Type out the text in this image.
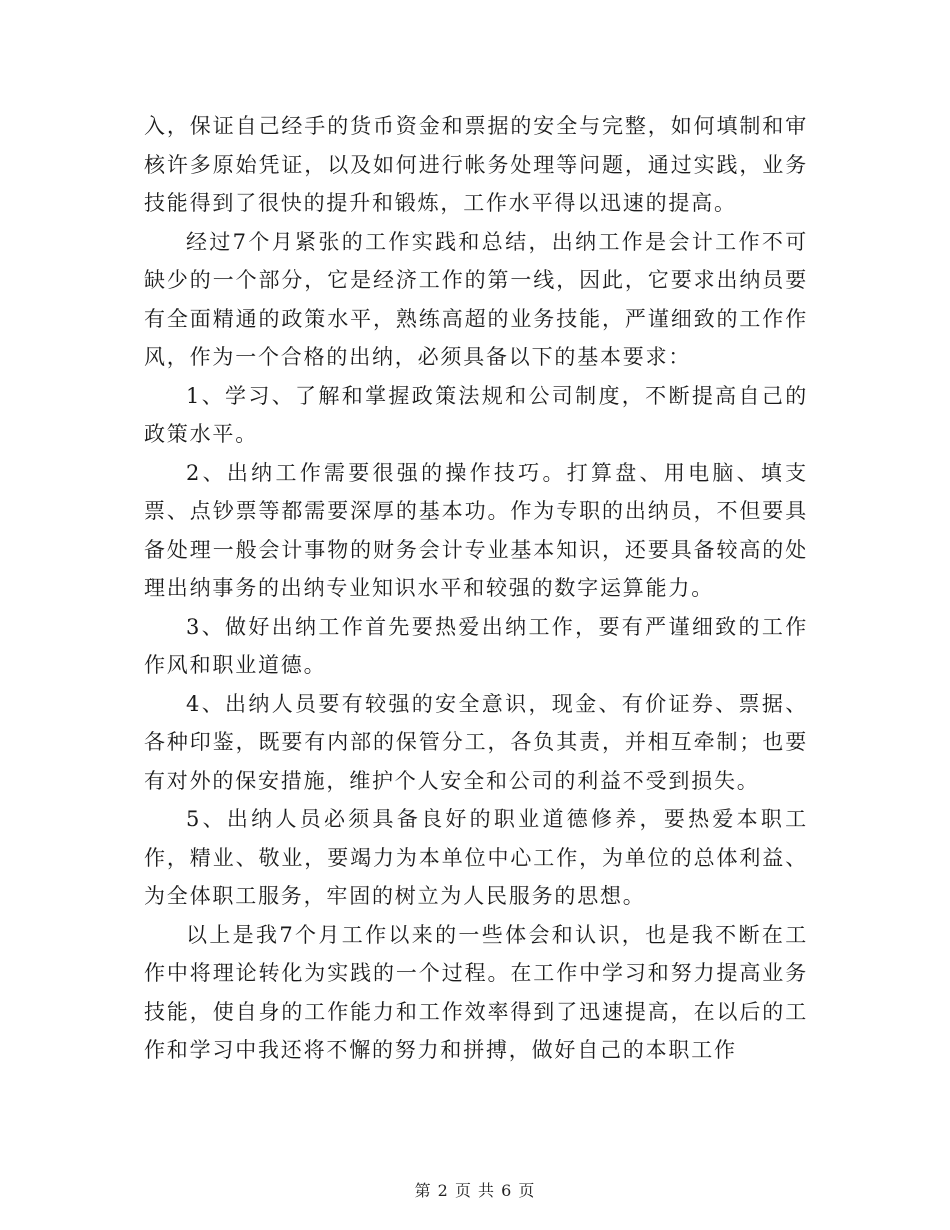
入，保证自己经手的货币资金和票据的安全与完整，如何填制和审核许多原始凭证，以及如何进行帐务处理等问题，通过实践，业务技能得到了很快的提升和锻炼，工作水平得以迅速的提高。

经过7个月紧张的工作实践和总结，出纳工作是会计工作不可缺少的一个部分，它是经济工作的第一线，因此，它要求出纳员要有全面精通的政策水平，熟练高超的业务技能，严谨细致的工作作风，作为一个合格的出纳，必须具备以下的基本要求：

1、学习、了解和掌握政策法规和公司制度，不断提高自己的政策水平。

2、出纳工作需要很强的操作技巧。打算盘、用电脑、填支票、点钞票等都需要深厚的基本功。作为专职的出纳员，不但要具备处理一般会计事物的财务会计专业基本知识，还要具备较高的处理出纳事务的出纳专业知识水平和较强的数字运算能力。

3、做好出纳工作首先要热爱出纳工作，要有严谨细致的工作作风和职业道德。

4、出纳人员要有较强的安全意识，现金、有价证券、票据、各种印鉴，既要有内部的保管分工，各负其责，并相互牵制；也要有对外的保安措施，维护个人安全和公司的利益不受到损失。

5、出纳人员必须具备良好的职业道德修养，要热爱本职工作，精业、敬业，要竭力为本单位中心工作，为单位的总体利益、为全体职工服务，牢固的树立为人民服务的思想。

以上是我7个月工作以来的一些体会和认识，也是我不断在工作中将理论转化为实践的一个过程。在工作中学习和努力提高业务技能，使自身的工作能力和工作效率得到了迅速提高，在以后的工作和学习中我还将不懈的努力和拼搏，做好自己的本职工作

第 2 页 共 6 页
